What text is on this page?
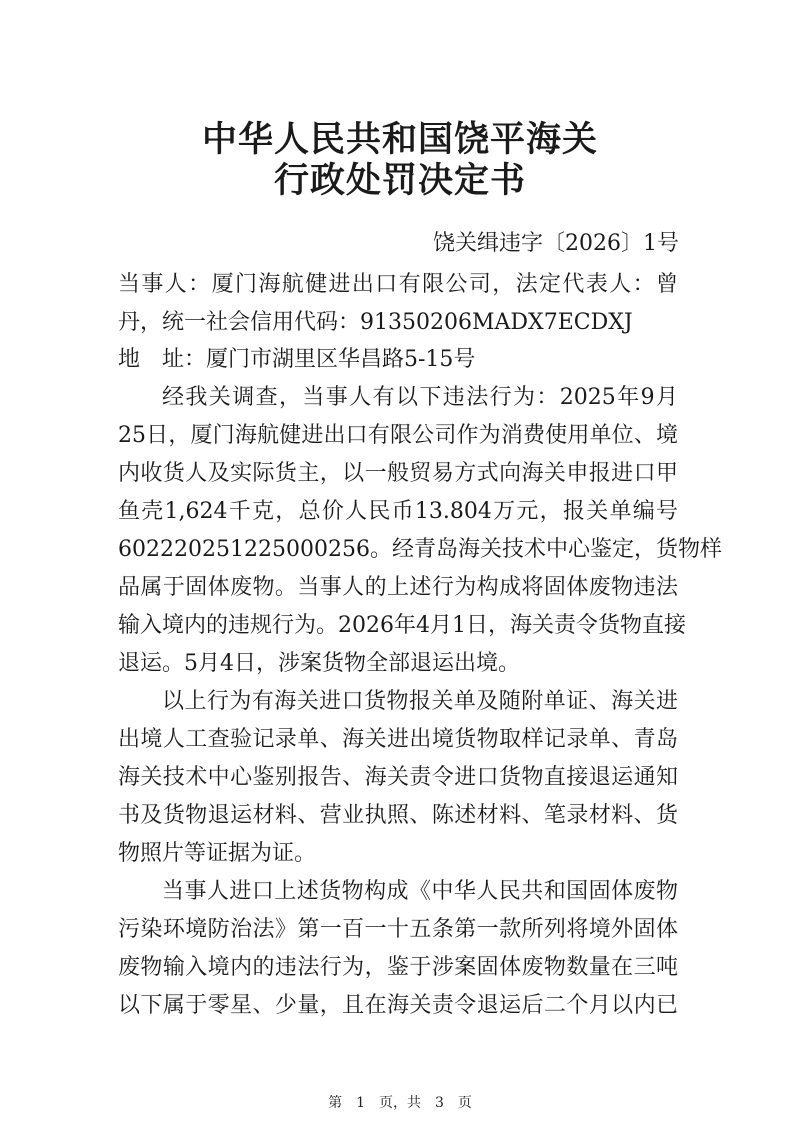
中华人民共和国饶平海关
行政处罚决定书
饶关缉违字〔2026〕1号
当事人：厦门海航健进出口有限公司，法定代表人：曾
丹，统一社会信用代码：91350206MADX7ECDXJ
地　址：厦门市湖里区华昌路5-15号
经我关调查，当事人有以下违法行为：2025年9月
25日，厦门海航健进出口有限公司作为消费使用单位、境
内收货人及实际货主，以一般贸易方式向海关申报进口甲
鱼壳1,624千克，总价人民币13.804万元，报关单编号
602220251225000256。经青岛海关技术中心鉴定，货物样
品属于固体废物。当事人的上述行为构成将固体废物违法
输入境内的违规行为。2026年4月1日，海关责令货物直接
退运。5月4日，涉案货物全部退运出境。
以上行为有海关进口货物报关单及随附单证、海关进
出境人工查验记录单、海关进出境货物取样记录单、青岛
海关技术中心鉴别报告、海关责令进口货物直接退运通知
书及货物退运材料、营业执照、陈述材料、笔录材料、货
物照片等证据为证。
当事人进口上述货物构成《中华人民共和国固体废物
污染环境防治法》第一百一十五条第一款所列将境外固体
废物输入境内的违法行为，鉴于涉案固体废物数量在三吨
以下属于零星、少量，且在海关责令退运后二个月以内已
第　1　页，共　3　页
